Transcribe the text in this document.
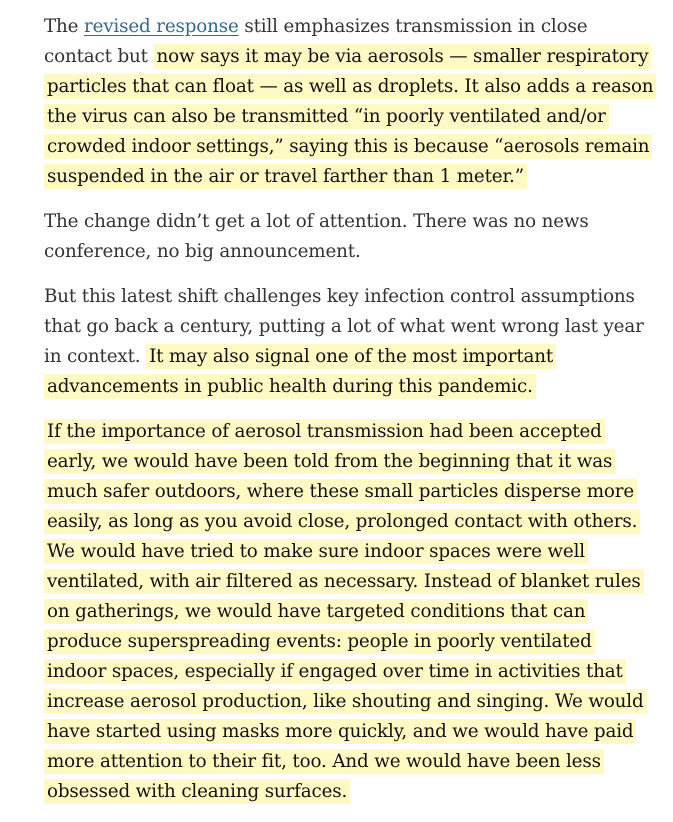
The revised response still emphasizes transmission in close contact but now says it may be via aerosols — smaller respiratory particles that can float — as well as droplets. It also adds a reason the virus can also be transmitted “in poorly ventilated and/or crowded indoor settings,” saying this is because “aerosols remain suspended in the air or travel farther than 1 meter.”

The change didn’t get a lot of attention. There was no news conference, no big announcement.

But this latest shift challenges key infection control assumptions that go back a century, putting a lot of what went wrong last year in context. It may also signal one of the most important advancements in public health during this pandemic.

If the importance of aerosol transmission had been accepted early, we would have been told from the beginning that it was much safer outdoors, where these small particles disperse more easily, as long as you avoid close, prolonged contact with others. We would have tried to make sure indoor spaces were well ventilated, with air filtered as necessary. Instead of blanket rules on gatherings, we would have targeted conditions that can produce superspreading events: people in poorly ventilated indoor spaces, especially if engaged over time in activities that increase aerosol production, like shouting and singing. We would have started using masks more quickly, and we would have paid more attention to their fit, too. And we would have been less obsessed with cleaning surfaces.
